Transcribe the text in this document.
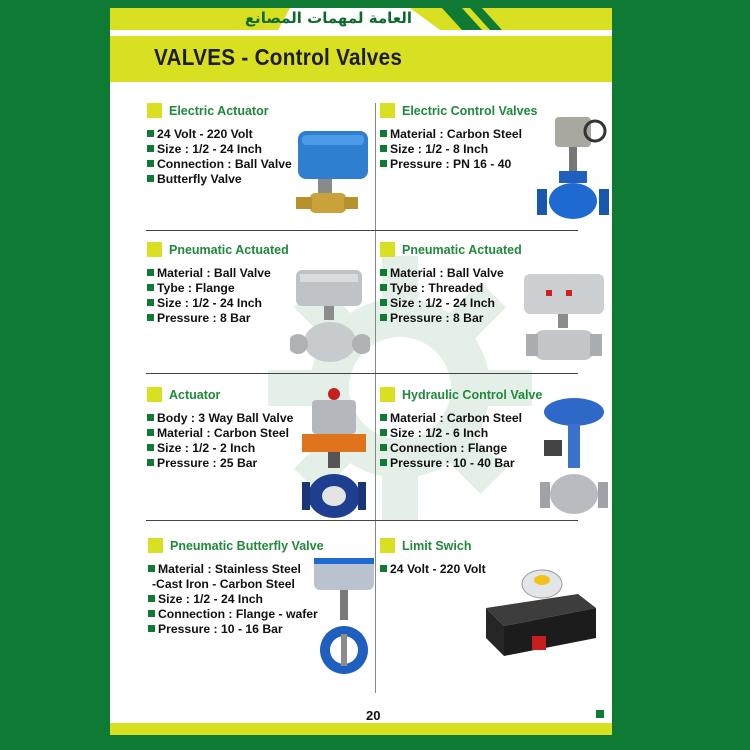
العامة لمهمات المصانع
VALVES - Control Valves
Electric Actuator
24 Volt - 220 Volt
Size : 1/2 - 24 Inch
Connection : Ball Valve
Butterfly Valve
Electric Control Valves
Material : Carbon Steel
Size : 1/2 - 8 Inch
Pressure : PN 16 - 40
Pneumatic Actuated
Material : Ball Valve
Tybe : Flange
Size : 1/2 - 24 Inch
Pressure : 8 Bar
Pneumatic Actuated
Material : Ball Valve
Tybe : Threaded
Size : 1/2 - 24 Inch
Pressure : 8 Bar
Actuator
Body : 3 Way Ball Valve
Material : Carbon Steel
Size : 1/2 - 2 Inch
Pressure : 25 Bar
Hydraulic Control Valve
Material : Carbon Steel
Size : 1/2 - 6 Inch
Connection : Flange
Pressure : 10 - 40 Bar
Pneumatic Butterfly Valve
Material : Stainless Steel
-Cast Iron - Carbon Steel
Size : 1/2 - 24 Inch
Connection : Flange - wafer
Pressure : 10 - 16 Bar
Limit Swich
24 Volt - 220 Volt
20
